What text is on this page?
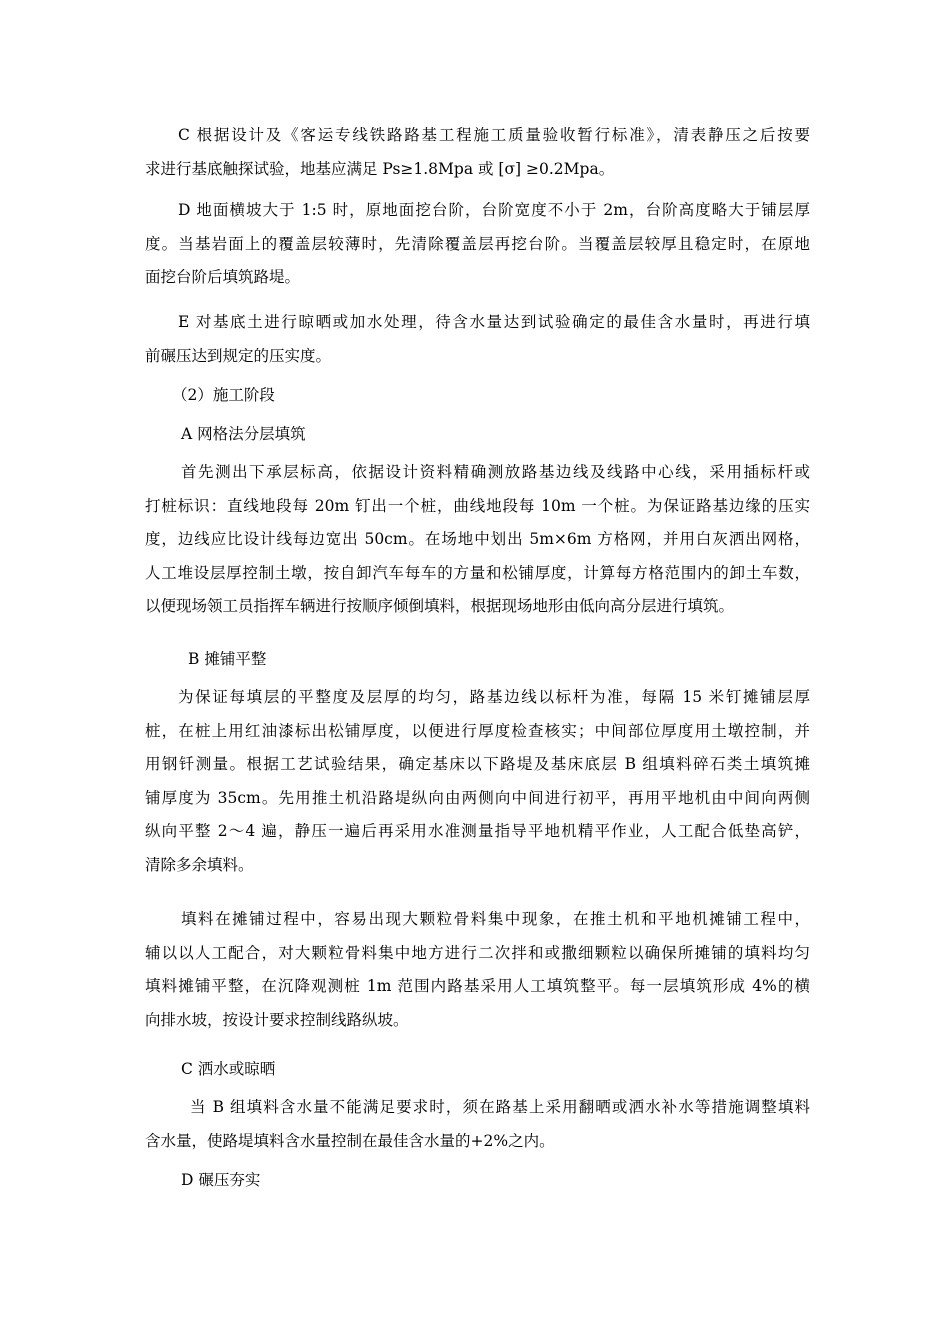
C 根据设计及《客运专线铁路路基工程施工质量验收暂行标准》，清表静压之后按要
求进行基底触探试验，地基应满足 Ps≥1.8Mpa 或 [σ] ≥0.2Mpa。
D 地面横坡大于 1:5 时，原地面挖台阶，台阶宽度不小于 2m，台阶高度略大于铺层厚
度。当基岩面上的覆盖层较薄时，先清除覆盖层再挖台阶。当覆盖层较厚且稳定时，在原地
面挖台阶后填筑路堤。
E 对基底土进行晾晒或加水处理，待含水量达到试验确定的最佳含水量时，再进行填
前碾压达到规定的压实度。
（2）施工阶段
A 网格法分层填筑
首先测出下承层标高，依据设计资料精确测放路基边线及线路中心线，采用插标杆或
打桩标识：直线地段每 20m 钉出一个桩，曲线地段每 10m 一个桩。为保证路基边缘的压实
度，边线应比设计线每边宽出 50cm。在场地中划出 5m×6m 方格网，并用白灰洒出网格，
人工堆设层厚控制土墩，按自卸汽车每车的方量和松铺厚度，计算每方格范围内的卸土车数，
以便现场领工员指挥车辆进行按顺序倾倒填料，根据现场地形由低向高分层进行填筑。
B 摊铺平整
为保证每填层的平整度及层厚的均匀，路基边线以标杆为准，每隔 15 米钉摊铺层厚
桩，在桩上用红油漆标出松铺厚度，以便进行厚度检查核实；中间部位厚度用土墩控制，并
用钢钎测量。根据工艺试验结果，确定基床以下路堤及基床底层 B 组填料碎石类土填筑摊
铺厚度为 35cm。先用推土机沿路堤纵向由两侧向中间进行初平，再用平地机由中间向两侧
纵向平整 2～4 遍，静压一遍后再采用水准测量指导平地机精平作业，人工配合低垫高铲，
清除多余填料。
填料在摊铺过程中，容易出现大颗粒骨料集中现象，在推土机和平地机摊铺工程中，
辅以以人工配合，对大颗粒骨料集中地方进行二次拌和或撒细颗粒以确保所摊铺的填料均匀
填料摊铺平整，在沉降观测桩 1m 范围内路基采用人工填筑整平。每一层填筑形成 4%的横
向排水坡，按设计要求控制线路纵坡。
C 洒水或晾晒
当 B 组填料含水量不能满足要求时，须在路基上采用翻晒或洒水补水等措施调整填料
含水量，使路堤填料含水量控制在最佳含水量的+2%之内。
D 碾压夯实
